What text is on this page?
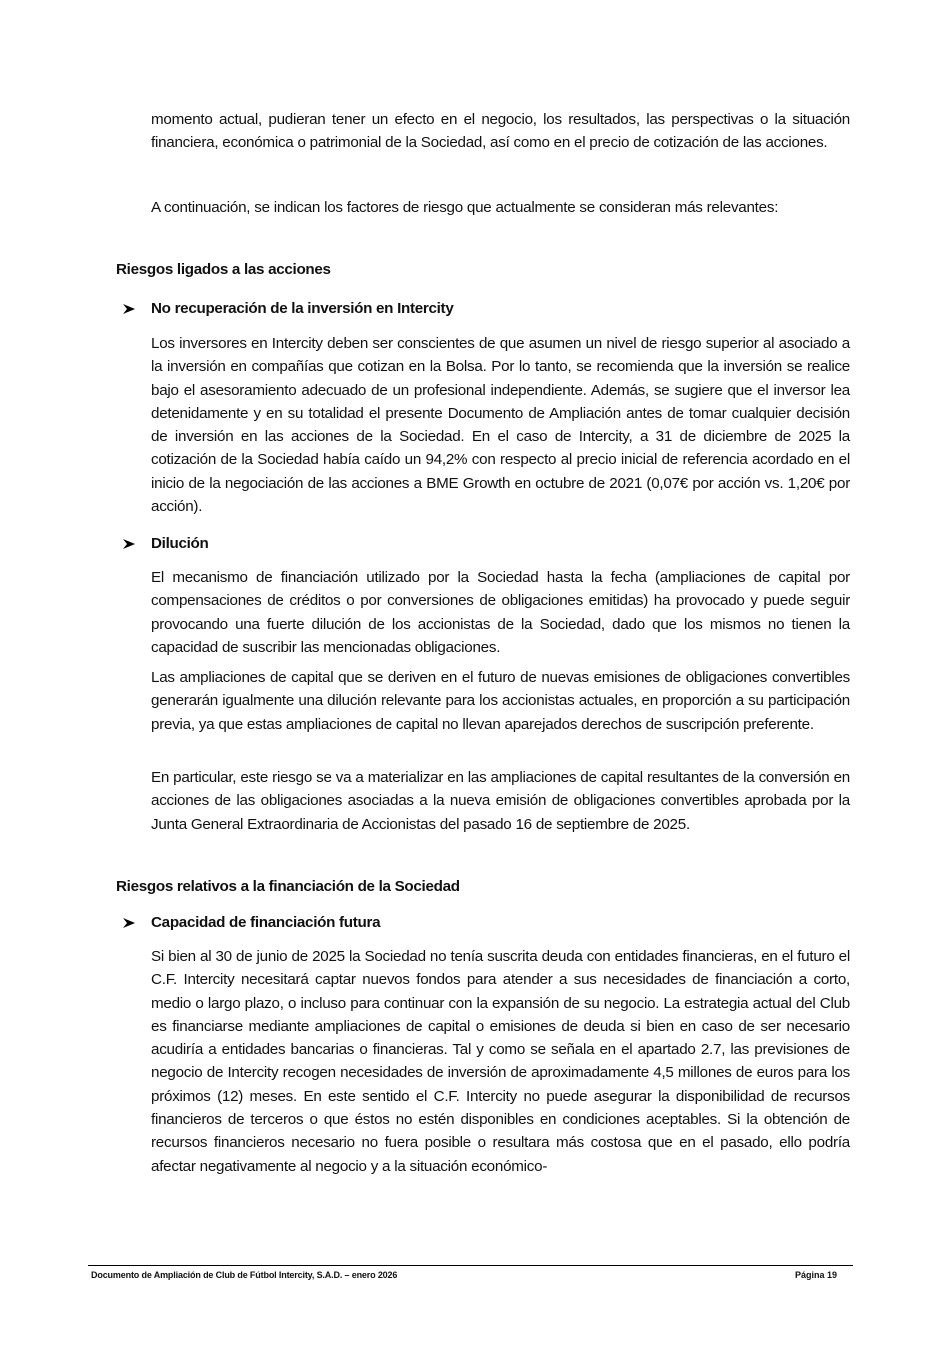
momento actual, pudieran tener un efecto en el negocio, los resultados, las perspectivas o la situación financiera, económica o patrimonial de la Sociedad, así como en el precio de cotización de las acciones.
A continuación, se indican los factores de riesgo que actualmente se consideran más relevantes:
Riesgos ligados a las acciones
No recuperación de la inversión en Intercity
Los inversores en Intercity deben ser conscientes de que asumen un nivel de riesgo superior al asociado a la inversión en compañías que cotizan en la Bolsa. Por lo tanto, se recomienda que la inversión se realice bajo el asesoramiento adecuado de un profesional independiente. Además, se sugiere que el inversor lea detenidamente y en su totalidad el presente Documento de Ampliación antes de tomar cualquier decisión de inversión en las acciones de la Sociedad. En el caso de Intercity, a 31 de diciembre de 2025 la cotización de la Sociedad había caído un 94,2% con respecto al precio inicial de referencia acordado en el inicio de la negociación de las acciones a BME Growth en octubre de 2021 (0,07€ por acción vs. 1,20€ por acción).
Dilución
El mecanismo de financiación utilizado por la Sociedad hasta la fecha (ampliaciones de capital por compensaciones de créditos o por conversiones de obligaciones emitidas) ha provocado y puede seguir provocando una fuerte dilución de los accionistas de la Sociedad, dado que los mismos no tienen la capacidad de suscribir las mencionadas obligaciones.
Las ampliaciones de capital que se deriven en el futuro de nuevas emisiones de obligaciones convertibles generarán igualmente una dilución relevante para los accionistas actuales, en proporción a su participación previa, ya que estas ampliaciones de capital no llevan aparejados derechos de suscripción preferente.
En particular, este riesgo se va a materializar en las ampliaciones de capital resultantes de la conversión en acciones de las obligaciones asociadas a la nueva emisión de obligaciones convertibles aprobada por la Junta General Extraordinaria de Accionistas del pasado 16 de septiembre de 2025.
Riesgos relativos a la financiación de la Sociedad
Capacidad de financiación futura
Si bien al 30 de junio de 2025 la Sociedad no tenía suscrita deuda con entidades financieras, en el futuro el C.F. Intercity necesitará captar nuevos fondos para atender a sus necesidades de financiación a corto, medio o largo plazo, o incluso para continuar con la expansión de su negocio. La estrategia actual del Club es financiarse mediante ampliaciones de capital o emisiones de deuda si bien en caso de ser necesario acudiría a entidades bancarias o financieras. Tal y como se señala en el apartado 2.7, las previsiones de negocio de Intercity recogen necesidades de inversión de aproximadamente 4,5 millones de euros para los próximos (12) meses. En este sentido el C.F. Intercity no puede asegurar la disponibilidad de recursos financieros de terceros o que éstos no estén disponibles en condiciones aceptables. Si la obtención de recursos financieros necesario no fuera posible o resultara más costosa que en el pasado, ello podría afectar negativamente al negocio y a la situación económico-
Documento de Ampliación de Club de Fútbol Intercity, S.A.D. – enero 2026	Página 19
